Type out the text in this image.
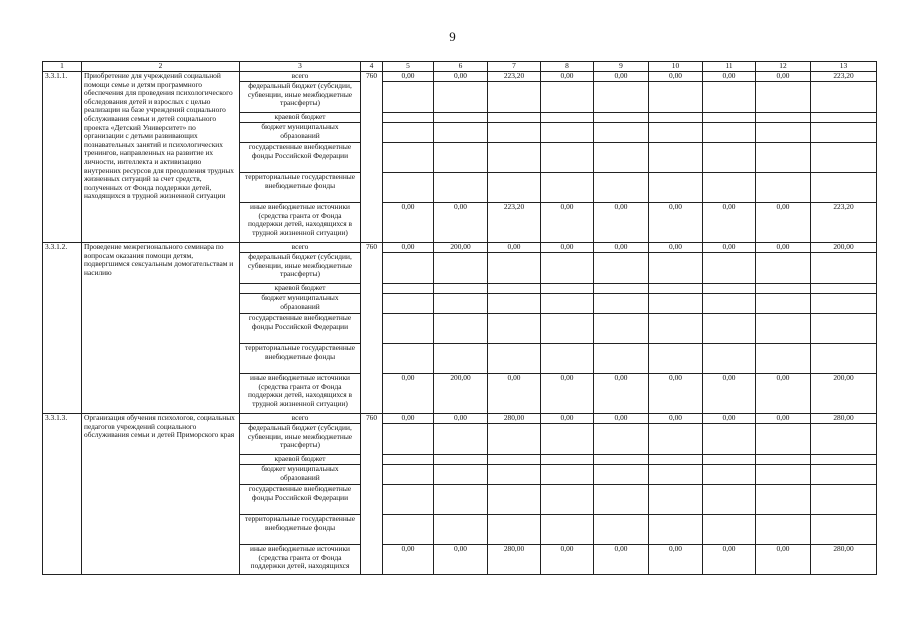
9
1	2	3	4	5	6	7	8	9	10	11	12	13
3.3.1.1.	Приобретение для учреждений социальной помощи семье и детям программного обеспечения для проведения психологического обследования детей и взрослых с целью реализации на базе учреждений социального обслуживания семьи и детей социального проекта «Детский Университет» по организации с детьми развивающих познавательных занятий и психологических тренингов, направленных на развитие их личности, интеллекта и активизацию внутренних ресурсов для преодоления трудных жизненных ситуаций за счет средств, полученных от Фонда поддержки детей, находящихся в трудной жизненной ситуации	всего	760	0,00	0,00	223,20	0,00	0,00	0,00	0,00	0,00	223,20
		федеральный бюджет (субсидии, субвенции, иные межбюджетные трансферты)										
		краевой бюджет										
		бюджет муниципальных образований										
		государственные внебюджетные фонды Российской Федерации										
		территориальные государственные внебюджетные фонды										
		иные внебюджетные источники (средства гранта от Фонда поддержки детей, находящихся в трудной жизненной ситуации)		0,00	0,00	223,20	0,00	0,00	0,00	0,00	0,00	223,20
3.3.1.2.	Проведение межрегионального семинара по вопросам оказания помощи детям, подвергшимся сексуальным домогательствам и насилию	всего	760	0,00	200,00	0,00	0,00	0,00	0,00	0,00	0,00	200,00
		федеральный бюджет (субсидии, субвенции, иные межбюджетные трансферты)										
		краевой бюджет										
		бюджет муниципальных образований										
		государственные внебюджетные фонды Российской Федерации										
		территориальные государственные внебюджетные фонды										
		иные внебюджетные источники (средства гранта от Фонда поддержки детей, находящихся в трудной жизненной ситуации)		0,00	200,00	0,00	0,00	0,00	0,00	0,00	0,00	200,00
3.3.1.3.	Организация обучения психологов, социальных педагогов учреждений социального обслуживания семьи и детей Приморского края	всего	760	0,00	0,00	280,00	0,00	0,00	0,00	0,00	0,00	280,00
		федеральный бюджет (субсидии, субвенции, иные межбюджетные трансферты)										
		краевой бюджет										
		бюджет муниципальных образований										
		государственные внебюджетные фонды Российской Федерации										
		территориальные государственные внебюджетные фонды										
		иные внебюджетные источники (средства гранта от Фонда поддержки детей, находящихся		0,00	0,00	280,00	0,00	0,00	0,00	0,00	0,00	280,00
